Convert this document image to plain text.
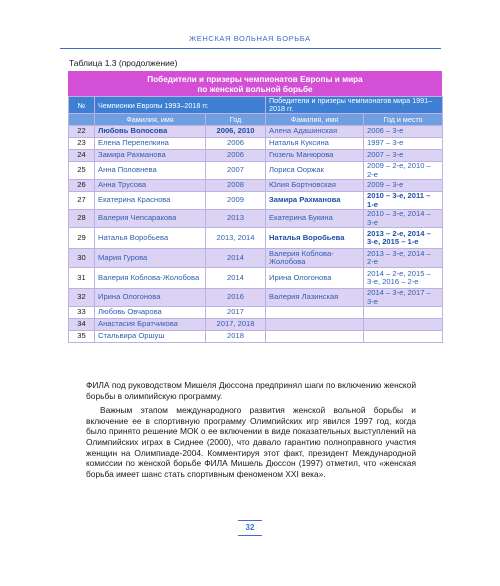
ЖЕНСКАЯ ВОЛЬНАЯ БОРЬБА
Таблица 1.3 (продолжение)
Победители и призеры чемпионатов Европы и мира
по женской вольной борьбе
№	Чемпионки Европы 1993–2018 гг.		Победители и призеры чемпионатов мира 1991–2018 гг.	
	Фамилия, имя	Год	Фамилия, имя	Год и место

22	Любовь Волосова	2006, 2010	Алена Адашинская	2006 – 3-е

23	Елена Перепелкина	2006	Наталья Куксина	1997 – 3-е

24	Замира Рахманова	2006	Гюзель Манюрова	2007 – 3-е

25	Анна Половнева	2007	Лориса Ооржак	2009 – 2-е, 2010 – 2-е

26	Анна Трусова	2008	Юлия Бортновская	2009 – 3-е

27	Екатерина Краснова	2009	Замира Рахманова	2010 – 3-е, 2011 – 1-е

28	Валерия Чепсаракова	2013	Екатерина Букина	2010 – 3-е, 2014 – 3-е

29	Наталья Воробьева	2013, 2014	Наталья Воробьева	2013 – 2-е, 2014 – 3-е, 2015 – 1-е

30	Мария Гурова	2014	Валерия Коблова-Жолобова	2013 – 3-е, 2014 – 2-е

31	Валерия Коблова-Жолобова	2014	Ирина Ологонова	2014 – 2-е, 2015 – 3-е, 2016 – 2-е

32	Ирина Ологонова	2016	Валерия Лазинская	2014 – 3-е, 2017 – 3-е

33	Любовь Овчарова	2017		

34	Анастасия Братчикова	2017, 2018		

35	Стальвира Оршуш	2018		

ФИЛА под руководством Мишеля Дюссона предпринял шаги по включению женской борьбы в олимпийскую программу.

Важным этапом международного развития женской вольной борьбы и включение ее в спортивную программу Олимпийских игр явился 1997 год, когда было принято решение МОК о ее включении в виде показательных выступлений на Олимпийских играх в Сиднее (2000), что давало гарантию полноправного участия женщин на Олимпиаде-2004. Комментируя этот факт, президент Международной комиссии по женской борьбе ФИЛА Мишель Дюссон (1997) отметил, что «женская борьба имеет шанс стать спортивным феноменом XXI века».

32
